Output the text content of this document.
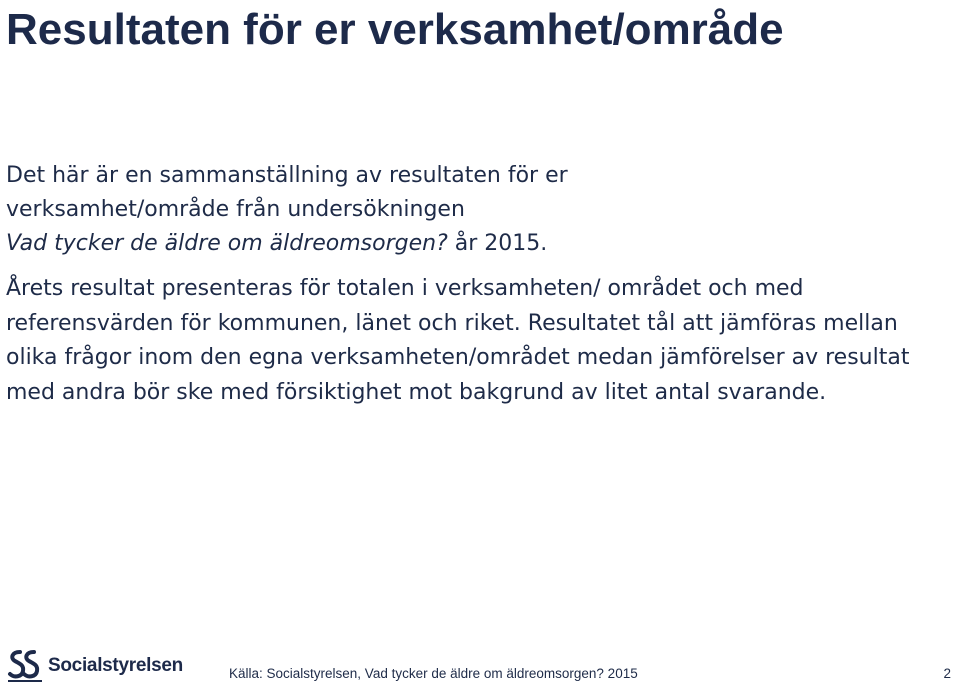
Resultaten för er verksamhet/område

Det här är en sammanställning av resultaten för er
verksamhet/område från undersökningen
Vad tycker de äldre om äldreomsorgen? år 2015.

Årets resultat presenteras för totalen i verksamheten/ området och med referensvärden för kommunen, länet och riket. Resultatet tål att jämföras mellan olika frågor inom den egna verksamheten/området medan jämförelser av resultat med andra bör ske med försiktighet mot bakgrund av litet antal svarande.

Socialstyrelsen	Källa: Socialstyrelsen, Vad tycker de äldre om äldreomsorgen? 2015	2
